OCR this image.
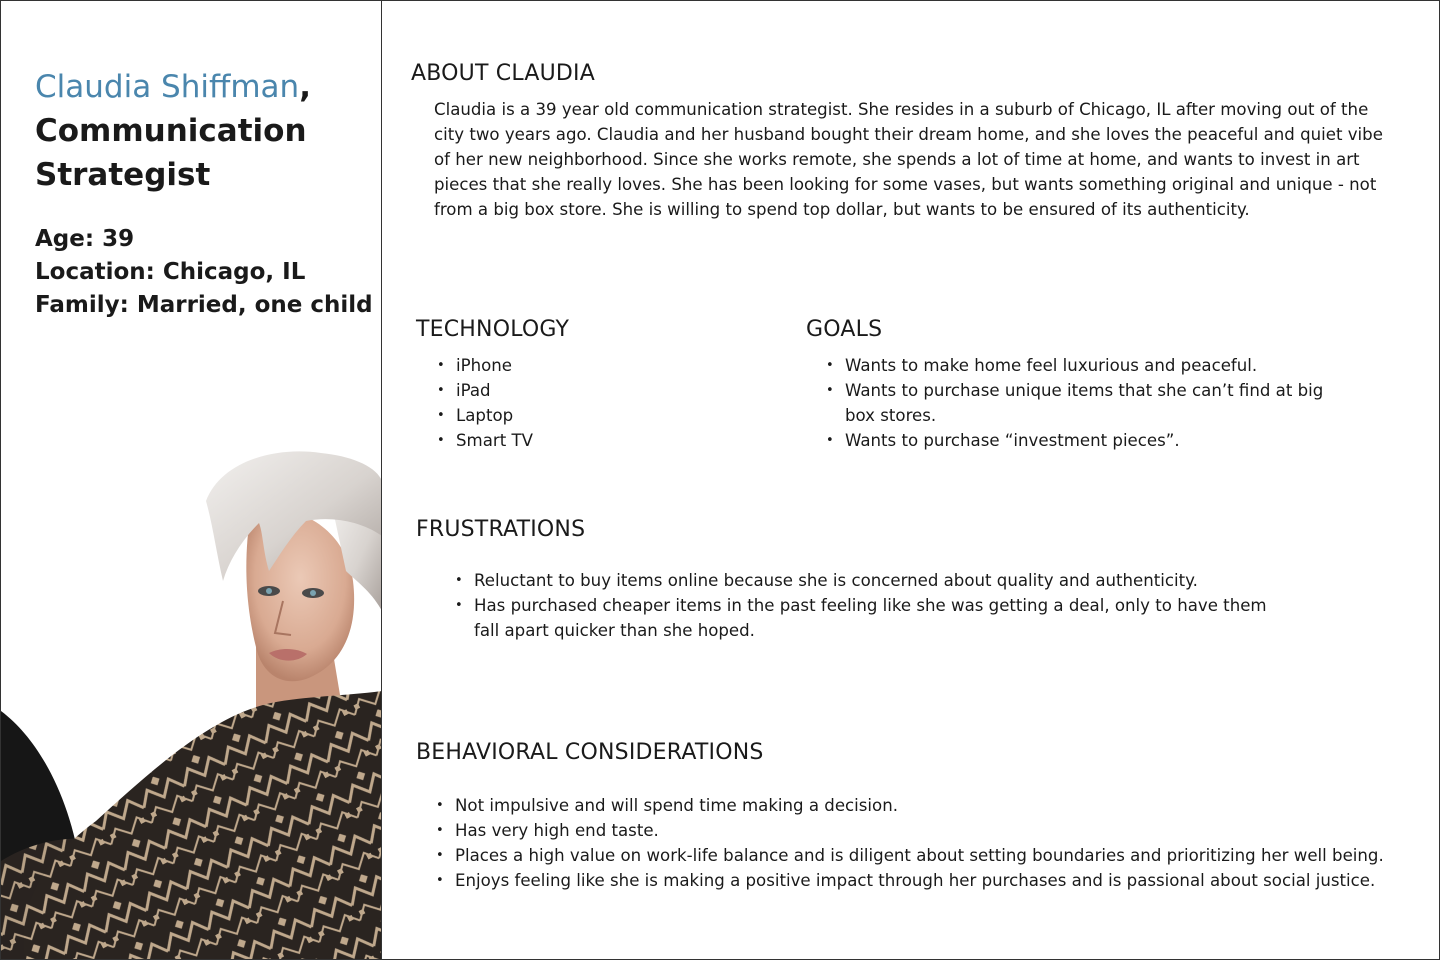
Claudia Shiffman,
Communication Strategist
Age: 39
Location: Chicago, IL
Family: Married, one child
ABOUT CLAUDIA
Claudia is a 39 year old communication strategist. She resides in a suburb of Chicago, IL after moving out of the city two years ago. Claudia and her husband bought their dream home, and she loves the peaceful and quiet vibe of her new neighborhood. Since she works remote, she spends a lot of time at home, and wants to invest in art pieces that she really loves. She has been looking for some vases, but wants something original and unique - not from a big box store. She is willing to spend top dollar, but wants to be ensured of its authenticity.
TECHNOLOGY
• iPhone
• iPad
• Laptop
• Smart TV
GOALS
• Wants to make home feel luxurious and peaceful.
• Wants to purchase unique items that she can’t find at big box stores.
• Wants to purchase “investment pieces”.
FRUSTRATIONS
• Reluctant to buy items online because she is concerned about quality and authenticity.
• Has purchased cheaper items in the past feeling like she was getting a deal, only to have them fall apart quicker than she hoped.
BEHAVIORAL CONSIDERATIONS
• Not impulsive and will spend time making a decision.
• Has very high end taste.
• Places a high value on work-life balance and is diligent about setting boundaries and prioritizing her well being.
• Enjoys feeling like she is making a positive impact through her purchases and is passional about social justice.
